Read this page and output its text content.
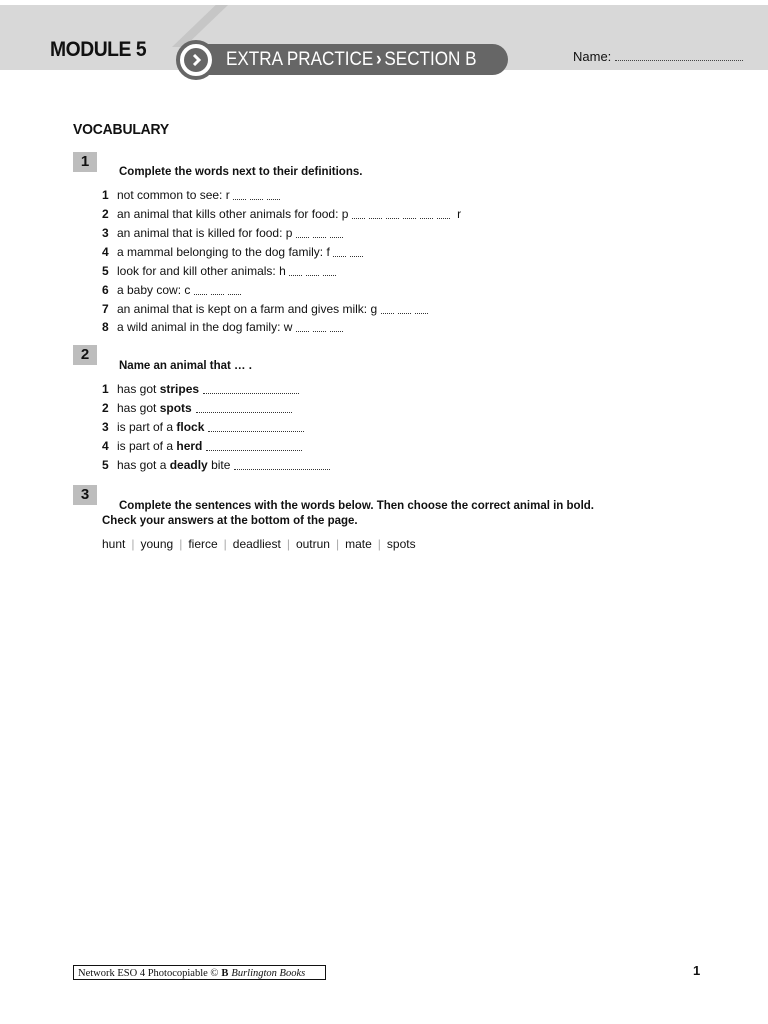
MODULE 5	EXTRA PRACTICE › SECTION B	Name:
VOCABULARY
1
Complete the words next to their definitions.
1 not common to see: r
2 an animal that kills other animals for food: p	r
3 an animal that is killed for food: p
4 a mammal belonging to the dog family: f
5 look for and kill other animals: h
6 a baby cow: c
7 an animal that is kept on a farm and gives milk: g
8 a wild animal in the dog family: w
2
Name an animal that … .
1 has got stripes
2 has got spots
3 is part of a flock
4 is part of a herd
5 has got a deadly bite
3
Complete the sentences with the words below. Then choose the correct animal in bold.
Check your answers at the bottom of the page.
hunt | young | fierce | deadliest | outrun | mate | spots
Network ESO 4 Photocopiable © B Burlington Books	1
